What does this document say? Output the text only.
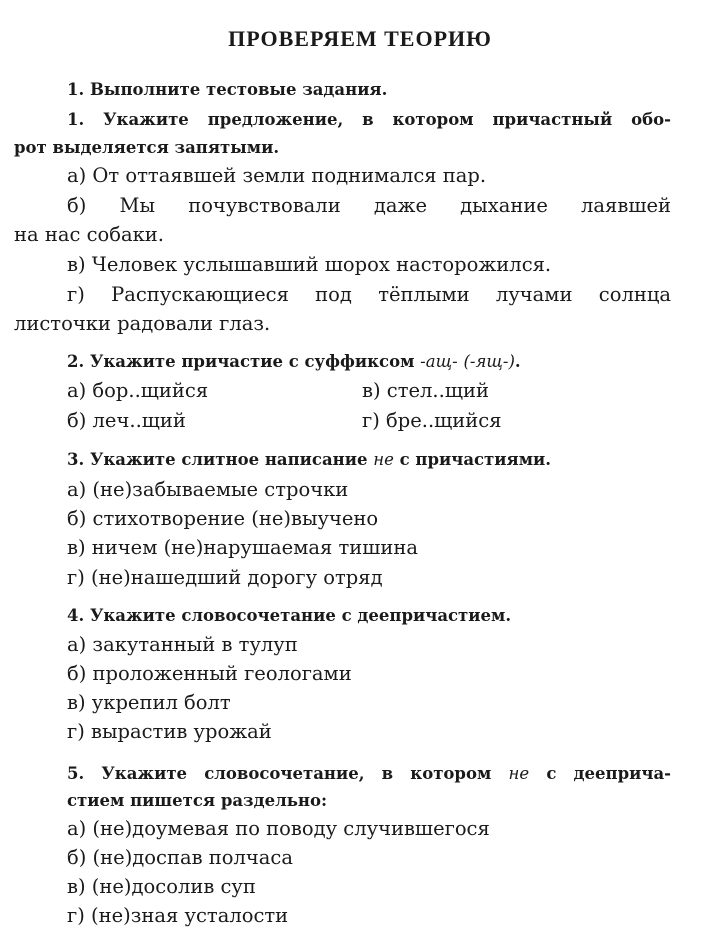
ПРОВЕРЯЕМ ТЕОРИЮ
1. Выполните тестовые задания.
1. Укажите предложение, в котором причастный обо-
рот выделяется запятыми.
а) От оттаявшей земли поднимался пар.
б) Мы почувствовали даже дыхание лаявшей
на нас собаки.
в) Человек услышавший шорох насторожился.
г) Распускающиеся под тёплыми лучами солнца
листочки радовали глаз.
2. Укажите причастие с суффиксом -ащ- (-ящ-).
а) бор..щийся	в) стел..щий
б) леч..щий	г) бре..щийся
3. Укажите слитное написание не с причастиями.
а) (не)забываемые строчки
б) стихотворение (не)выучено
в) ничем (не)нарушаемая тишина
г) (не)нашедший дорогу отряд
4. Укажите словосочетание с деепричастием.
а) закутанный в тулуп
б) проложенный геологами
в) укрепил болт
г) вырастив урожай
5. Укажите словосочетание, в котором не с дееприча-
стием пишется раздельно:
а) (не)доумевая по поводу случившегося
б) (не)доспав полчаса
в) (не)досолив суп
г) (не)зная усталости
